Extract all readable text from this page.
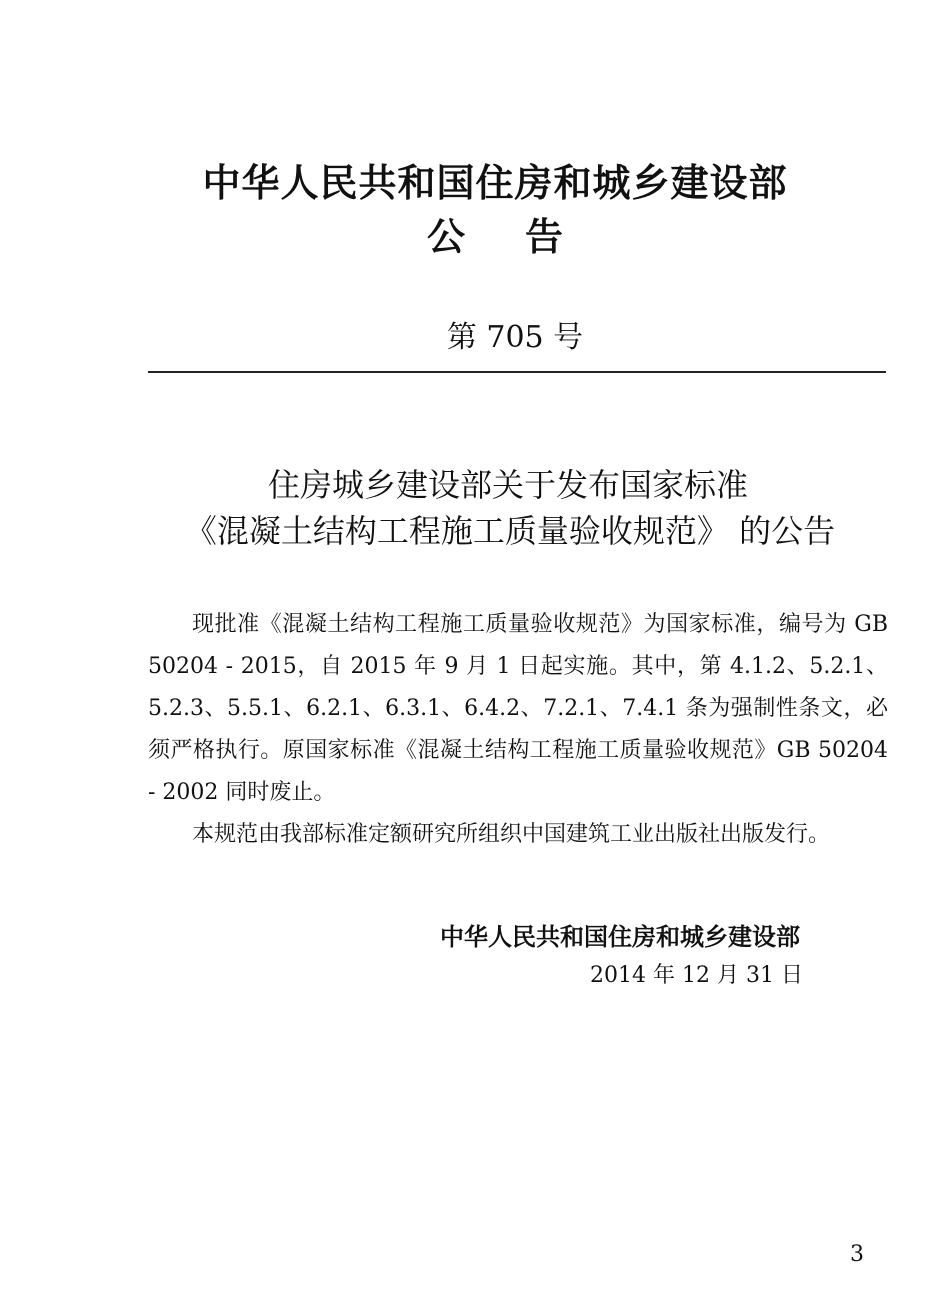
中华人民共和国住房和城乡建设部
公告
第 705 号
住房城乡建设部关于发布国家标准
《混凝土结构工程施工质量验收规范》 的公告

现批准《混凝土结构工程施工质量验收规范》为国家标准，编号为 GB 50204 - 2015，自 2015 年 9 月 1 日起实施。其中，第 4.1.2、5.2.1、5.2.3、5.5.1、6.2.1、6.3.1、6.4.2、7.2.1、7.4.1 条为强制性条文，必须严格执行。原国家标准《混凝土结构工程施工质量验收规范》GB 50204 - 2002 同时废止。

本规范由我部标准定额研究所组织中国建筑工业出版社出版发行。

中华人民共和国住房和城乡建设部
2014 年 12 月 31 日
3
